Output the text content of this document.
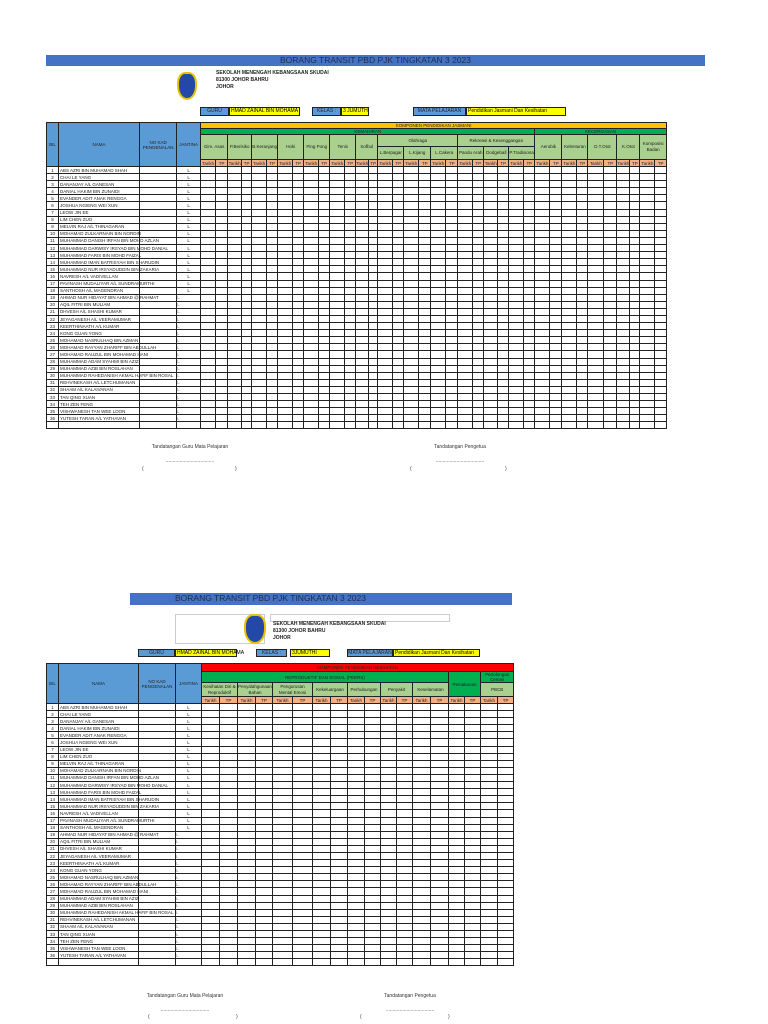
BORANG TRANSIT PBD PJK TINGKATAN 3 2023
SEKOLAH MENENGAH KEBANGSAAN SKUDAI
81300 JOHOR BAHRU
JOHOR
GURU	HMAD ZAINAL BIN MOHAMA	KELAS :	3 JUMUTH	MATA PELAJARAN	Pendidikan Jasmani Dan Kesihatan
BIL	NAMA	NO KAD PENGENALAN	JANTINA	KOMPONEN PENDIDIKAN JASMANI																																			
				KEMAHIRAN																										KECERGASAN									
				Gim. Asas		P.Berisiko		B.Keranjang		Hoki		Ping Pong		Tenis		Sofbol		Olahraga						Rekreasi & Kesenggangan						Aerobik		Kelenturan		D.T.Otot		K.Otot		Komposisi Badan	
																		L.Berpagar		L.Kijang		L.Cakera		Pandu Arah		Dodgeball		P.Tradisional											
				Tarikh	TP	Tarikh	TP	Tarikh	TP	Tarikh	TP	Tarikh	TP	Tarikh	TP	Tarikh	TP	Tarikh	TP	Tarikh	TP	Tarikh	TP	Tarikh	TP	Tarikh	TP	Tarikh	TP	Tarikh	TP	Tarikh	TP	Tarikh	TP	Tarikh	TP	Tarikh	TP
1	ABS AZRI BIN MUHAMAD SHAH		L																																				
2	CHAI LE YANG		L																																				
3	DANANJAY A/L GANESAN		L																																				
4	DANIAL HAKIM BIN ZUNAIDI		L																																				
5	EVANDER ADIT ANAK RENGGA		L																																				
6	JOSHUA NGIENG WEI XUN		L																																				
7	LEOW JIN EE		L																																				
8	LIM CHEN ZUO		L																																				
9	MELVIN RAJ A/L THINAGARAN		L																																				
10	MOHAMAD ZULKARNAIN BIN NORDIN		L																																				
11	MUHAMMAD DANISH IRFAN BIN MOHD AZLAN		L																																				
12	MUHAMMAD DARWISY IRSYAD BIN MOHD DANIAL		L																																				
13	MUHAMMAD FARIS BIN MOHD FAIZAL		L																																				
14	MUHAMMAD IMAN BATRISYAH BIN SHARUDIN		L																																				
15	MUHAMMAD NUR IRSYADUDDIN BIN ZAKARIA		L																																				
16	NAVRESH A/L VADIVELLAN		L																																				
17	PAVINASH MUDALIYAR A/L SUNDRAMURTHI		L																																				
18	SANTHOSH A/L MAGENDRAN		L																																				
19	AHMAD NUR HIDAYAT BIN AHMAD @ RAHMAT		L																																				
20	AQIL FITRI BIN MULIAM		L																																				
21	DHVESH A/L SHASHI KUMAR		L																																				
22	JEYAGANESH A/L VEERAMUMAR		L																																				
23	KEERTHINAATH A/L KUMAR		L																																				
24	KONG GUAN YONG		L																																				
25	MOHAMAD NASRULHAQ BIN AZMAN		L																																				
26	MOHAMAD RAYYAN ZHARIFF BIN ABDULLAH		L																																				
27	MOHAMAD RAUZUL BIN MOHAMAD HANI		L																																				
28	MUHAMMAD ADAM SYAHMI BIN AZIZ		L																																				
29	MUHAMMAD AZIB BIN ROSLAHAN		L																																				
30	MUHAMMAD RAHEDANISH AKMAL HAFIF BIN ROSAL		L																																				
31	REHVINEKASH A/L LETCHUMANAN		L																																				
32	SHAAM A/L KALAIVANAN		L																																				
33	TAN QING XUAN		L																																				
34	TEH ZEN FENG		L																																				
35	VISHWANESH TAN WEE LOON		L																																				
36	YUTESH TARAN A/L YATHAVAN		L																																				

Tandatangan Guru Mata Pelajaran
...................................
(	)
Tandatangan Pengetua
...................................
(	)
BORANG TRANSIT PBD PJK TINGKATAN 3 2023
SEKOLAH MENENGAH KEBANGSAAN SKUDAI
81300 JOHOR BAHRU
JOHOR
GURU	HMAD ZAINAL BIN MOHAMA	KELAS :	3JUMUTHI	MATA PELAJARAN Pendidikan Jasmani Dan Kesihatan
BIL	NAMA	NO KAD PENGENALAN	JANTINA	KOMPONEN PENDIDIKAN KESIHATAN																	
				REPRODUKTIF DAN SOSIAL (PEERS)														Pemakanan		Pertolongan Cemas	
				Kesihatan Diri & Reproduktif		Penyalahgunaan Bahan		Pengurusan Mental Emosi		Kekeluargaan		Perhubungan		Penyakit		Keselamatan				PBCB	
				Tarikh	TP	Tarikh	TP	Tarikh	TP	Tarikh	TP	Tarikh	TP	Tarikh	TP	Tarikh	TP	Tarikh	TP	Tarikh	TP
1	ABS AZRI BIN MUHAMAD SHAH		L																		
2	CHAI LE YANG		L																		
3	DANANJAY A/L GANESAN		L																		
4	DANIAL HAKIM BIN ZUNAIDI		L																		
5	EVANDER ADIT ANAK RENGGA		L																		
6	JOSHUA NGIENG WEI XUN		L																		
7	LEOW JIN EE		L																		
8	LIM CHEN ZUO		L																		
9	MELVIN RAJ A/L THINAGARAN		L																		
10	MOHAMAD ZULKARNAIN BIN NORDIN		L																		
11	MUHAMMAD DANISH IRFAN BIN MOHD AZLAN		L																		
12	MUHAMMAD DARWISY IRSYAD BIN MOHD DANIAL		L																		
13	MUHAMMAD FARIS BIN MOHD FAIZAL		L																		
14	MUHAMMAD IMAN BATRISYAH BIN SHARUDIN		L																		
15	MUHAMMAD NUR IRSYADUDDIN BIN ZAKARIA		L																		
16	NAVRESH A/L VADIVELLAN		L																		
17	PAVINASH MUDALIYAR A/L SUNDRAMURTHI		L																		
18	SANTHOSH A/L MAGENDRAN		L																		
19	AHMAD NUR HIDAYAT BIN AHMAD @ RAHMAT		L																		
20	AQIL FITRI BIN MULIAM		L																		
21	DHVESH A/L SHASHI KUMAR		L																		
22	JEYAGANESH A/L VEERAMUMAR		L																		
23	KEERTHINAATH A/L KUMAR		L																		
24	KONG GUAN YONG		L																		
25	MOHAMAD NASRULHAQ BIN AZMAN		L																		
26	MOHAMAD RAYYAN ZHARIFF BIN ABDULLAH		L																		
27	MOHAMAD RAUZUL BIN MOHAMAD HANI		L																		
28	MUHAMMAD ADAM SYAHMI BIN AZIZ		L																		
29	MUHAMMAD AZIB BIN ROSLAHAN		L																		
30	MUHAMMAD RAHEDANISH AKMAL HAFIF BIN ROSAL		L																		
31	REHVINEKASH A/L LETCHUMANAN		L																		
32	SHAAM A/L KALAIVANAN		L																		
33	TAN QING XUAN		L																		
34	TEH ZEN FENG		L																		
35	VISHWANESH TAN WEE LOON		L																		
36	YUTESH TARAN A/L YATHAVAN		L																		

Tandatangan Guru Mata Pelajaran
...................................
(	)
Tandatangan Pengetua
...................................
(	)
